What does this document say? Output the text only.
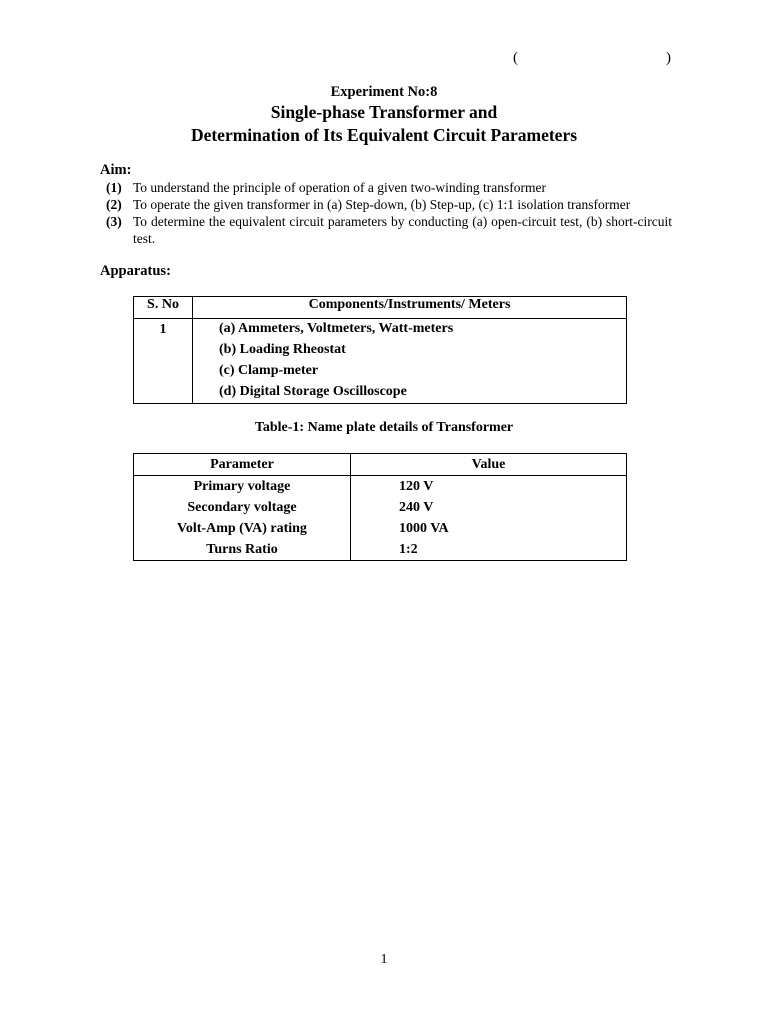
(	)
Experiment No:8
Single-phase Transformer and
Determination of Its Equivalent Circuit Parameters
Aim:
(1) To understand the principle of operation of a given two-winding transformer
(2) To operate the given transformer in (a) Step-down, (b) Step-up, (c) 1:1 isolation transformer
(3) To determine the equivalent circuit parameters by conducting (a) open-circuit test, (b) short-circuit test.
Apparatus:
S. No	Components/Instruments/ Meters
1	(a) Ammeters, Voltmeters, Watt-meters
(b) Loading Rheostat
(c) Clamp-meter
(d) Digital Storage Oscilloscope
Table-1: Name plate details of Transformer
Parameter	Value
Primary voltage	120 V
Secondary voltage	240 V
Volt-Amp (VA) rating	1000 VA
Turns Ratio	1:2
1
